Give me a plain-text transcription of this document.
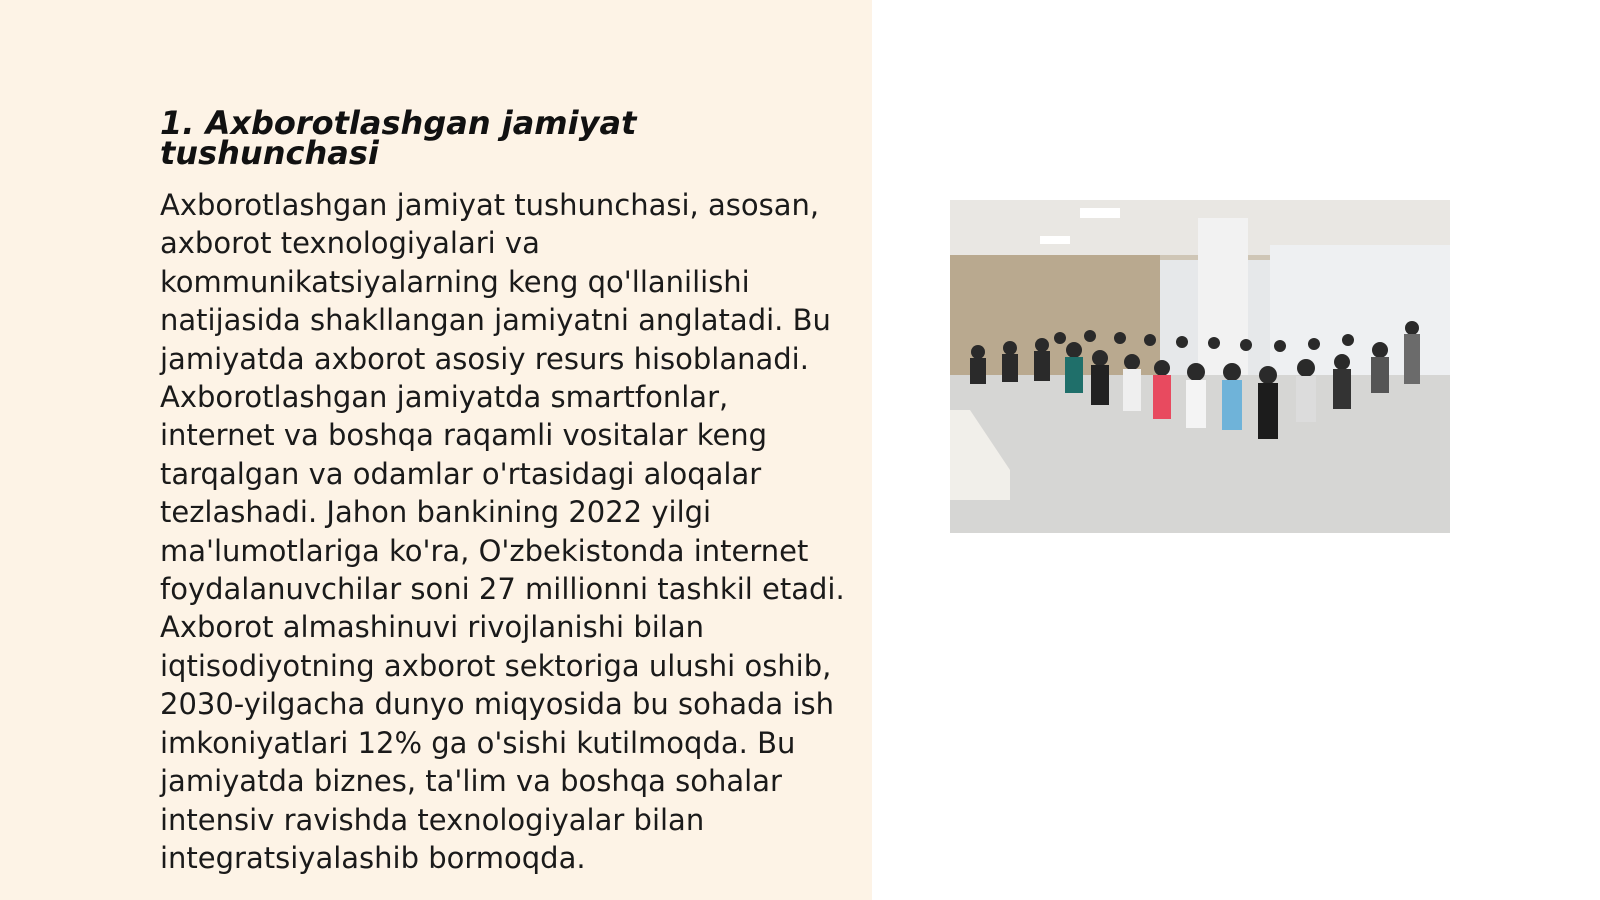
1. Axborotlashgan jamiyat tushunchasi

Axborotlashgan jamiyat tushunchasi, asosan, axborot texnologiyalari va kommunikatsiyalarning keng qo'llanilishi natijasida shakllangan jamiyatni anglatadi. Bu jamiyatda axborot asosiy resurs hisoblanadi. Axborotlashgan jamiyatda smartfonlar, internet va boshqa raqamli vositalar keng tarqalgan va odamlar o'rtasidagi aloqalar tezlashadi. Jahon bankining 2022 yilgi ma'lumotlariga ko'ra, O'zbekistonda internet foydalanuvchilar soni 27 millionni tashkil etadi. Axborot almashinuvi rivojlanishi bilan iqtisodiyotning axborot sektoriga ulushi oshib, 2030-yilgacha dunyo miqyosida bu sohada ish imkoniyatlari 12% ga o'sishi kutilmoqda. Bu jamiyatda biznes, ta'lim va boshqa sohalar intensiv ravishda texnologiyalar bilan integratsiyalashib bormoqda.
